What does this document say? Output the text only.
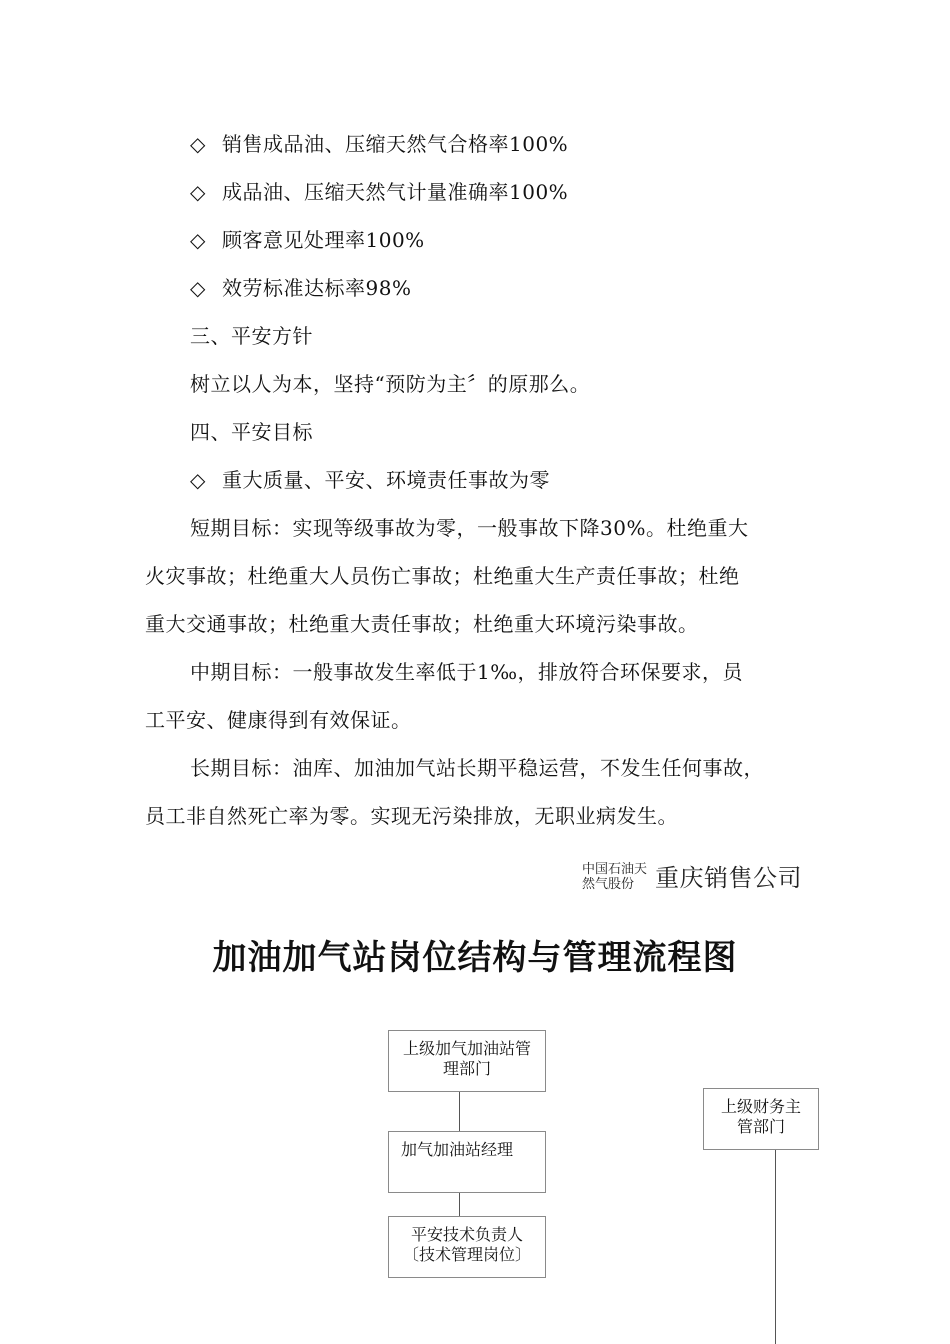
◇ 销售成品油、压缩天然气合格率100%
◇ 成品油、压缩天然气计量准确率100%
◇ 顾客意见处理率100%
◇ 效劳标准达标率98%
三、平安方针
树立以人为本，坚持“预防为主〞的原那么。
四、平安目标
◇ 重大质量、平安、环境责任事故为零
短期目标：实现等级事故为零，一般事故下降30%。杜绝重大
火灾事故；杜绝重大人员伤亡事故；杜绝重大生产责任事故；杜绝
重大交通事故；杜绝重大责任事故；杜绝重大环境污染事故。
中期目标：一般事故发生率低于1‰，排放符合环保要求，员
工平安、健康得到有效保证。
长期目标：油库、加油加气站长期平稳运营，不发生任何事故，
员工非自然死亡率为零。实现无污染排放，无职业病发生。
中国石油天
然气股份 重庆销售公司
加油加气站岗位结构与管理流程图
上级加气加油站管理部门
加气加油站经理
平安技术负责人
〔技术管理岗位〕
上级财务主管部门
